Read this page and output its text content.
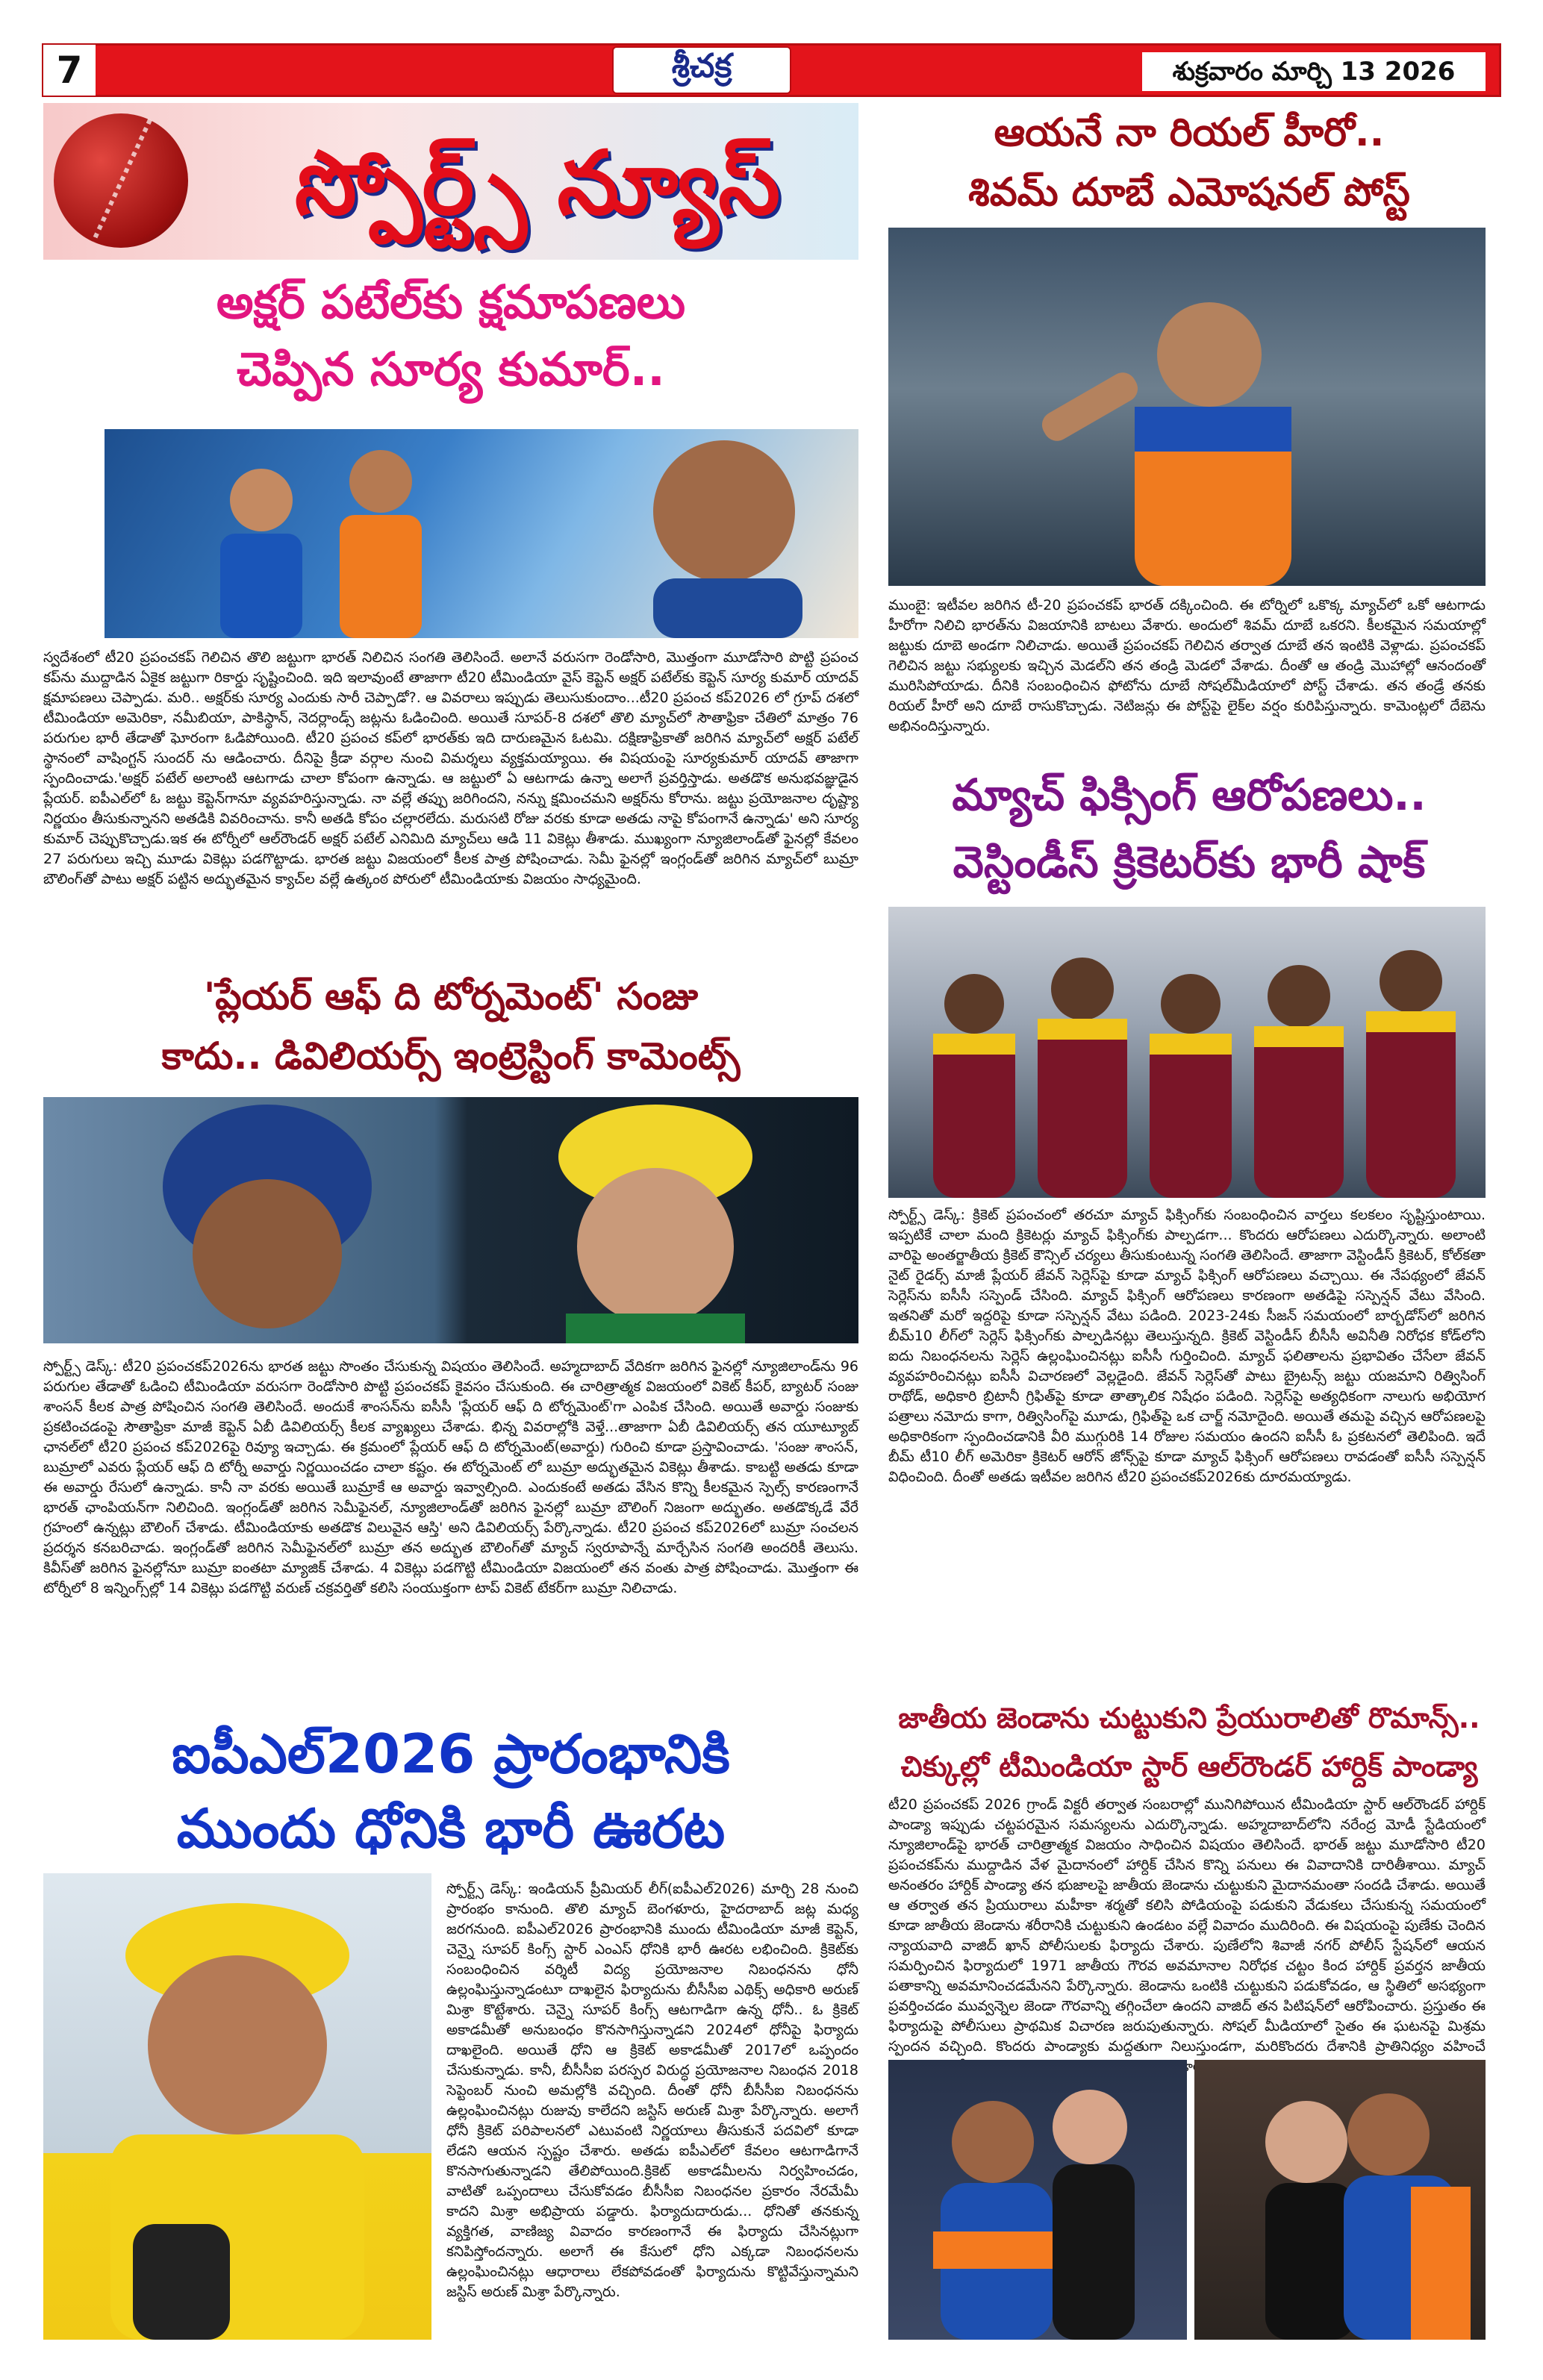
7	శ్రీచక్ర	శుక్రవారం మార్చి 13 2026
స్పోర్ట్స్ న్యూస్
అక్షర్ పటేల్‌కు క్షమాపణలు
చెప్పిన సూర్య కుమార్..
స్వదేశంలో టీ20 ప్రపంచకప్ గెలిచిన తొలి జట్టుగా భారత్ నిలిచిన సంగతి తెలిసిందే. అలానే వరుసగా రెండోసారి, మొత్తంగా మూడోసారి పొట్టి ప్రపంచ కప్‌ను ముద్దాడిన ఏకైక జట్టుగా రికార్డు సృష్టించింది. ఇది ఇలావుంటే తాజాగా టీ20 టీమిండియా వైస్ కెప్టెన్ అక్షర్ పటేల్‌కు కెప్టెన్ సూర్య కుమార్ యాదవ్ క్షమాపణలు చెప్పాడు. మరి.. అక్షర్‌కు సూర్య ఎందుకు సారీ చెప్పాడో?. ఆ వివరాలు ఇప్పుడు తెలుసుకుందాం...టీ20 ప్రపంచ కప్2026 లో గ్రూప్ దశలో టీమిండియా అమెరికా, నమీబియా, పాకిస్థాన్, నెదర్లాండ్స్ జట్లను ఓడించింది. అయితే సూపర్-8 దశలో తొలి మ్యాచ్‌లో సౌతాఫ్రికా చేతిలో మాత్రం 76 పరుగుల భారీ తేడాతో ఘోరంగా ఓడిపోయింది. టీ20 ప్రపంచ కప్‌లో భారత్‌కు ఇది దారుణమైన ఓటమి. దక్షిణాఫ్రికాతో జరిగిన మ్యాచ్‌లో అక్షర్ పటేల్ స్థానంలో వాషింగ్టన్ సుందర్ ను ఆడించారు. దీనిపై క్రీడా వర్గాల నుంచి విమర్శలు వ్యక్తమయ్యాయి. ఈ విషయంపై సూర్యకుమార్ యాదవ్ తాజాగా స్పందించాడు.'అక్షర్ పటేల్ అలాంటి ఆటగాడు చాలా కోపంగా ఉన్నాడు. ఆ జట్టులో ఏ ఆటగాడు ఉన్నా అలాగే ప్రవర్తిస్తాడు. అతడొక అనుభవజ్ఞుడైన ప్లేయర్. ఐపీఎల్‌లో ఓ జట్టు కెప్టెన్‌గానూ వ్యవహరిస్తున్నాడు. నా వల్లే తప్పు జరిగిందని, నన్ను క్షమించమని అక్షర్‌ను కోరాను. జట్టు ప్రయోజనాల దృష్ట్యా నిర్ణయం తీసుకున్నానని అతడికి వివరించాను. కానీ అతడి కోపం చల్లారలేదు. మరుసటి రోజు వరకు కూడా అతడు నాపై కోపంగానే ఉన్నాడు' అని సూర్య కుమార్ చెప్పుకొచ్చాడు.ఇక ఈ టోర్నీలో ఆల్‌రౌండర్ అక్షర్ పటేల్ ఎనిమిది మ్యాచ్‌లు ఆడి 11 వికెట్లు తీశాడు. ముఖ్యంగా న్యూజిలాండ్‌తో ఫైనల్లో కేవలం 27 పరుగులు ఇచ్చి మూడు వికెట్లు పడగొట్టాడు. భారత జట్టు విజయంలో కీలక పాత్ర పోషించాడు. సెమీ ఫైనల్లో ఇంగ్లండ్‌తో జరిగిన మ్యాచ్‌లో బుమ్రా బౌలింగ్‌తో పాటు అక్షర్ పట్టిన అద్భుతమైన క్యాచ్‌ల వల్లే ఉత్కంఠ పోరులో టీమిండియాకు విజయం సాధ్యమైంది.
'ప్లేయర్ ఆఫ్ ది టోర్నమెంట్' సంజు
కాదు.. డివిలియర్స్ ఇంట్రెస్టింగ్ కామెంట్స్
స్పోర్ట్స్ డెస్క్: టీ20 ప్రపంచకప్2026ను భారత జట్టు సొంతం చేసుకున్న విషయం తెలిసిందే. అహ్మదాబాద్ వేదికగా జరిగిన ఫైనల్లో న్యూజిలాండ్‌ను 96 పరుగుల తేడాతో ఓడించి టీమిండియా వరుసగా రెండోసారి పొట్టి ప్రపంచకప్ కైవసం చేసుకుంది. ఈ చారిత్రాత్మక విజయంలో వికెట్ కీపర్, బ్యాటర్ సంజు శాంసన్ కీలక పాత్ర పోషించిన సంగతి తెలిసిందే. అందుకే శాంసన్‌ను ఐసీసీ 'ప్లేయర్ ఆఫ్ ది టోర్నమెంట్'గా ఎంపిక చేసింది. అయితే అవార్డు సంజుకు ప్రకటించడంపై సౌతాఫ్రికా మాజీ కెప్టెన్ ఏబీ డివిలియర్స్ కీలక వ్యాఖ్యలు చేశాడు. భిన్న వివరాల్లోకి వెళ్తే...తాజాగా ఏబీ డివిలియర్స్ తన యూట్యూబ్ ఛానల్‌లో టీ20 ప్రపంచ కప్2026పై రివ్యూ ఇచ్చాడు. ఈ క్రమంలో ప్లేయర్ ఆఫ్ ది టోర్నమెంట్(అవార్డు) గురించి కూడా ప్రస్తావించాడు. 'సంజు శాంసన్, బుమ్రాలో ఎవరు ప్లేయర్ ఆఫ్ ది టోర్నీ అవార్డు నిర్ణయించడం చాలా కష్టం. ఈ టోర్నమెంట్ లో బుమ్రా అద్భుతమైన వికెట్లు తీశాడు. కాబట్టి అతడు కూడా ఈ అవార్డు రేసులో ఉన్నాడు. కానీ నా వరకు అయితే బుమ్రాకే ఆ అవార్డు ఇవ్వాల్సింది. ఎందుకంటే అతడు వేసిన కొన్ని కీలకమైన స్పెల్స్ కారణంగానే భారత్ ఛాంపియన్‌గా నిలిచింది. ఇంగ్లండ్‌తో జరిగిన సెమీఫైనల్, న్యూజిలాండ్‌తో జరిగిన ఫైనల్లో బుమ్రా బౌలింగ్ నిజంగా అద్భుతం. అతడొక్కడే వేరే గ్రహంలో ఉన్నట్లు బౌలింగ్ చేశాడు. టీమిండియాకు అతడొక విలువైన ఆస్తి' అని డివిలియర్స్ పేర్కొన్నాడు. టీ20 ప్రపంచ కప్2026లో బుమ్రా సంచలన ప్రదర్శన కనబరిచాడు. ఇంగ్లండ్‌తో జరిగిన సెమీఫైనల్‌లో బుమ్రా తన అద్భుత బౌలింగ్‌తో మ్యాచ్ స్వరూపాన్నే మార్చేసిన సంగతి అందరికీ తెలుసు. కివీస్‌తో జరిగిన ఫైనల్లోనూ బుమ్రా ఐంతటా మ్యాజిక్ చేశాడు. 4 వికెట్లు పడగొట్టి టీమిండియా విజయంలో తన వంతు పాత్ర పోషించాడు. మొత్తంగా ఈ టోర్నీలో 8 ఇన్నింగ్స్‌ల్లో 14 వికెట్లు పడగొట్టి వరుణ్ చక్రవర్తితో కలిసి సంయుక్తంగా టాప్ వికెట్ టేకర్‌గా బుమ్రా నిలిచాడు.
ఐపీఎల్2026 ప్రారంభానికి
ముందు ధోనికి భారీ ఊరట
స్పోర్ట్స్ డెస్క్: ఇండియన్ ప్రీమియర్ లీగ్(ఐపీఎల్2026) మార్చి 28 నుంచి ప్రారంభం కానుంది. తొలి మ్యాచ్ బెంగళూరు, హైదరాబాద్ జట్ల మధ్య జరగనుంది. ఐపీఎల్2026 ప్రారంభానికి ముందు టీమిండియా మాజీ కెప్టెన్, చెన్నై సూపర్ కింగ్స్ స్టార్ ఎంఎస్ ధోనికి భారీ ఊరట లభించింది. క్రికెట్‌కు సంబంధించిన వర్శిటీ విద్య ప్రయోజనాల నిబంధనను ధోనీ ఉల్లంఘిస్తున్నాడంటూ దాఖలైన ఫిర్యాదును బీసీసీఐ ఎథిక్స్ అధికారి అరుణ్ మిశ్రా కొట్టేశారు. చెన్నై సూపర్ కింగ్స్ ఆటగాడిగా ఉన్న ధోనీ.. ఓ క్రికెట్ అకాడమీతో అనుబంధం కొనసాగిస్తున్నాడని 2024లో ధోనీపై ఫిర్యాదు దాఖలైంది. అయితే ధోని ఆ క్రికెట్ అకాడమీతో 2017లో ఒప్పందం చేసుకున్నాడు. కానీ, బీసీసీఐ పరస్పర విరుద్ధ ప్రయోజనాల నిబంధన 2018 సెప్టెంబర్ నుంచి అమల్లోకి వచ్చింది. దీంతో ధోనీ బీసీసీఐ నిబంధనను ఉల్లంఘించినట్లు రుజువు కాలేదని జస్టిస్ అరుణ్ మిశ్రా పేర్కొన్నారు. అలాగే ధోనీ క్రికెట్ పరిపాలనలో ఎటువంటి నిర్ణయాలు తీసుకునే పదవిలో కూడా లేడని ఆయన స్పష్టం చేశారు. అతడు ఐపీఎల్‌లో కేవలం ఆటగాడిగానే కొనసాగుతున్నాడని తేలిపోయింది.క్రికెట్ అకాడమీలను నిర్వహించడం, వాటితో ఒప్పందాలు చేసుకోవడం బీసీసీఐ నిబంధనల ప్రకారం నేరమేమీ కాదని మిశ్రా అభిప్రాయ పడ్డారు. ఫిర్యాదుదారుడు... ధోనితో తనకున్న వ్యక్తిగత, వాణిజ్య వివాదం కారణంగానే ఈ ఫిర్యాదు చేసినట్లుగా కనిపిస్తోందన్నారు. అలాగే ఈ కేసులో ధోని ఎక్కడా నిబంధనలను ఉల్లంఘించినట్లు ఆధారాలు లేకపోవడంతో ఫిర్యాదును కొట్టివేస్తున్నామని జస్టిస్ అరుణ్ మిశ్రా పేర్కొన్నారు.
ఆయనే నా రియల్ హీరో..
శివమ్ దూబే ఎమోషనల్ పోస్ట్
ముంబై: ఇటీవల జరిగిన టీ-20 ప్రపంచకప్ భారత్ దక్కించింది. ఈ టోర్నిలో ఒకొక్క మ్యాచ్‌లో ఒకో ఆటగాడు హీరోగా నిలిచి భారత్‌ను విజయానికి బాటలు వేశారు. అందులో శివమ్ దూబే ఒకరని. కీలకమైన సమయాల్లో జట్టుకు దూబె అండగా నిలిచాడు. అయితే ప్రపంచకప్ గెలిచిన తర్వాత దూబే తన ఇంటికి వెళ్లాడు. ప్రపంచకప్ గెలిచిన జట్టు సభ్యులకు ఇచ్చిన మెడల్‌ని తన తండ్రి మెడలో వేశాడు. దీంతో ఆ తండ్రి మొహాల్లో ఆనందంతో మురిసిపోయాడు. దీనికి సంబంధించిన ఫోటోను దూబే సోషల్‌మీడియాలో పోస్ట్ చేశాడు. తన తండ్రే తనకు రియల్ హీరో అని దూబే రాసుకొచ్చాడు. నెటిజన్లు ఈ పోస్ట్‌పై లైక్‌ల వర్షం కురిపిస్తున్నారు. కామెంట్లలో దేబెను అభినందిస్తున్నారు.
మ్యాచ్ ఫిక్సింగ్ ఆరోపణలు..
వెస్టిండీస్ క్రికెటర్‌కు భారీ షాక్
స్పోర్ట్స్ డెస్క్: క్రికెట్ ప్రపంచంలో తరచూ మ్యాచ్ ఫిక్సింగ్‌కు సంబంధించిన వార్తలు కలకలం సృష్టిస్తుంటాయి. ఇప్పటికే చాలా మంది క్రికెటర్లు మ్యాచ్ ఫిక్సింగ్‌కు పాల్పడగా... కొందరు ఆరోపణలు ఎదుర్కొన్నారు. అలాంటి వారిపై అంతర్జాతీయ క్రికెట్ కౌన్సిల్ చర్యలు తీసుకుంటున్న సంగతి తెలిసిందే. తాజాగా వెస్టిండీస్ క్రికెటర్, కోల్‌కతా నైట్ రైడర్స్ మాజీ ప్లేయర్ జేవన్ సెర్లెస్‌పై కూడా మ్యాచ్ ఫిక్సింగ్ ఆరోపణలు వచ్చాయి. ఈ నేపథ్యంలో జేవన్ సెర్లెస్‌ను ఐసీసీ సస్పెండ్ చేసింది. మ్యాచ్ ఫిక్సింగ్ ఆరోపణలు కారణంగా అతడిపై సస్పెన్షన్ వేటు వేసింది. ఇతనితో మరో ఇద్దరిపై కూడా సస్పెన్షన్ వేటు పడింది. 2023-24కు సీజన్ సమయంలో బార్బడోస్‌లో జరిగిన బీమ్10 లీగ్‌లో సెర్లెస్ ఫిక్సింగ్‌కు పాల్పడినట్లు తెలుస్తున్నది. క్రికెట్ వెస్టిండీస్ బీసీసీ అవినీతి నిరోధక కోడ్‌లోని ఐదు నిబంధనలను సెర్లెస్ ఉల్లంఘించినట్లు ఐసీసీ గుర్తించింది. మ్యాచ్ ఫలితాలను ప్రభావితం చేసేలా జేవన్ వ్యవహరించినట్లు ఐసీసీ విచారణలో వెల్లడైంది. జేవన్ సెర్లెస్‌తో పాటు బ్రైటన్స్ జట్టు యజమాని రిత్విసింగ్ రాథోడ్, అధికారి బ్రిటానీ గ్రిఫిత్‌పై కూడా తాత్కాలిక నిషేధం పడింది. సెర్లెస్‌పై అత్యధికంగా నాలుగు అభియోగ పత్రాలు నమోదు కాగా, రిత్విసింగ్‌పై మూడు, గ్రిఫిత్‌పై ఒక చార్జ్ నమోదైంది. అయితే తమపై వచ్చిన ఆరోపణలపై అధికారికంగా స్పందించడానికి వీరి ముగ్గురికి 14 రోజుల సమయం ఉందని ఐసీసీ ఓ ప్రకటనలో తెలిపింది. ఇదే బీమ్ టీ10 లీగ్ అమెరికా క్రికెటర్ ఆరోన్ జోన్స్‌పై కూడా మ్యాచ్ ఫిక్సింగ్ ఆరోపణలు రావడంతో ఐసీసీ సస్పెన్షన్ విధించింది. దీంతో అతడు ఇటీవల జరిగిన టీ20 ప్రపంచకప్2026కు దూరమయ్యాడు.
జాతీయ జెండాను చుట్టుకుని ప్రేయురాలితో రొమాన్స్..
చిక్కుల్లో టీమిండియా స్టార్ ఆల్‌రౌండర్ హార్దిక్ పాండ్యా
టీ20 ప్రపంచకప్ 2026 గ్రాండ్ విక్టరీ తర్వాత సంబరాల్లో మునిగిపోయిన టీమిండియా స్టార్ ఆల్‌రౌండర్ హార్దిక్ పాండ్యా ఇప్పుడు చట్టపరమైన సమస్యలను ఎదుర్కొన్నాడు. అహ్మదాబాద్‌లోని నరేంద్ర మోడీ స్టేడియంలో న్యూజిలాండ్‌పై భారత్ చారిత్రాత్మక విజయం సాధించిన విషయం తెలిసిందే. భారత్ జట్టు మూడోసారి టీ20 ప్రపంచకప్‌ను ముద్దాడిన వేళ మైదానంలో హార్దిక్ చేసిన కొన్ని పనులు ఈ వివాదానికి దారితీశాయి. మ్యాచ్ అనంతరం హార్దిక్ పాండ్యా తన భుజాలపై జాతీయ జెండాను చుట్టుకుని మైదానమంతా సందడి చేశాడు. అయితే ఆ తర్వాత తన ప్రియురాలు మహీకా శర్మతో కలిసి పోడియంపై పడుకుని వేడుకలు చేసుకున్న సమయంలో కూడా జాతీయ జెండాను శరీరానికి చుట్టుకుని ఉండటం వల్లే వివాదం ముదిరింది. ఈ విషయంపై పుణేకు చెందిన న్యాయవాది వాజిద్ ఖాన్ పోలీసులకు ఫిర్యాదు చేశారు. పుణేలోని శివాజీ నగర్ పోలీస్ స్టేషన్‌లో ఆయన సమర్పించిన ఫిర్యాదులో 1971 జాతీయ గౌరవ అవమానాల నిరోధక చట్టం కింద హార్దిక్ ప్రవర్తన జాతీయ పతాకాన్ని అవమానించడమేనని పేర్కొన్నారు. జెండాను ఒంటికి చుట్టుకుని పడుకోవడం, ఆ స్థితిలో అసభ్యంగా ప్రవర్తించడం మువ్వన్నెల జెండా గౌరవాన్ని తగ్గించేలా ఉందని వాజిద్ తన పిటిషన్‌లో ఆరోపించారు. ప్రస్తుతం ఈ ఫిర్యాదుపై పోలీసులు ప్రాథమిక విచారణ జరుపుతున్నారు. సోషల్ మీడియాలో సైతం ఈ ఘటనపై మిశ్రమ స్పందన వచ్చింది. కొందరు పాండ్యాకు మద్దతుగా నిలుస్తుండగా, మరికొందరు దేశానికి ప్రాతినిధ్యం వహించే
